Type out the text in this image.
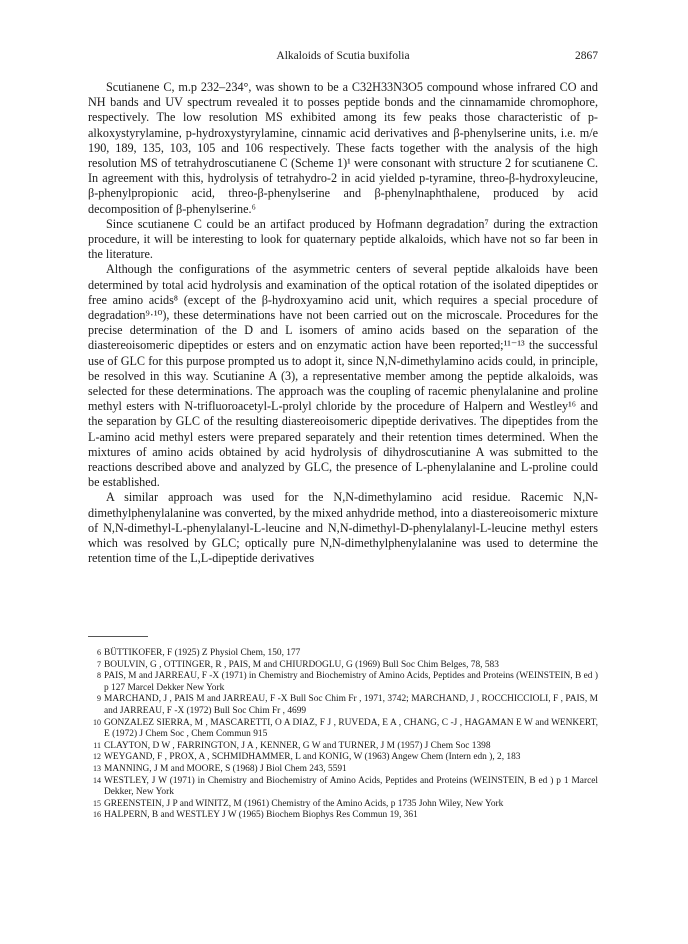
Alkaloids of Scutia buxifolia	2867

Scutianene C, m.p 232–234°, was shown to be a C32H33N3O5 compound whose infrared CO and NH bands and UV spectrum revealed it to posses peptide bonds and the cinnamamide chromophore, respectively. The low resolution MS exhibited among its few peaks those characteristic of p-alkoxystyrylamine, p-hydroxystyrylamine, cinnamic acid derivatives and β-phenylserine units, i.e. m/e 190, 189, 135, 103, 105 and 106 respectively. These facts together with the analysis of the high resolution MS of tetrahydroscutianene C (Scheme 1)¹ were consonant with structure 2 for scutianene C. In agreement with this, hydrolysis of tetrahydro-2 in acid yielded p-tyramine, threo-β-hydroxyleucine, β-phenylpropionic acid, threo-β-phenylserine and β-phenylnaphthalene, produced by acid decomposition of β-phenylserine.⁶

Since scutianene C could be an artifact produced by Hofmann degradation⁷ during the extraction procedure, it will be interesting to look for quaternary peptide alkaloids, which have not so far been in the literature.

Although the configurations of the asymmetric centers of several peptide alkaloids have been determined by total acid hydrolysis and examination of the optical rotation of the isolated dipeptides or free amino acids⁸ (except of the β-hydroxyamino acid unit, which requires a special procedure of degradation⁹·¹⁰), these determinations have not been carried out on the microscale. Procedures for the precise determination of the D and L isomers of amino acids based on the separation of the diastereoisomeric dipeptides or esters and on enzymatic action have been reported;¹¹⁻¹³ the successful use of GLC for this purpose prompted us to adopt it, since N,N-dimethylamino acids could, in principle, be resolved in this way. Scutianine A (3), a representative member among the peptide alkaloids, was selected for these determinations. The approach was the coupling of racemic phenylalanine and proline methyl esters with N-trifluoroacetyl-L-prolyl chloride by the procedure of Halpern and Westley¹⁶ and the separation by GLC of the resulting diastereoisomeric dipeptide derivatives. The dipeptides from the L-amino acid methyl esters were prepared separately and their retention times determined. When the mixtures of amino acids obtained by acid hydrolysis of dihydroscutianine A was submitted to the reactions described above and analyzed by GLC, the presence of L-phenylalanine and L-proline could be established.

A similar approach was used for the N,N-dimethylamino acid residue. Racemic N,N-dimethylphenylalanine was converted, by the mixed anhydride method, into a diastereoisomeric mixture of N,N-dimethyl-L-phenylalanyl-L-leucine and N,N-dimethyl-D-phenylalanyl-L-leucine methyl esters which was resolved by GLC; optically pure N,N-dimethylphenylalanine was used to determine the retention time of the L,L-dipeptide derivatives

6 BÜTTIKOFER, F (1925) Z Physiol Chem, 150, 177
7 BOULVIN, G , OTTINGER, R , PAIS, M and CHIURDOGLU, G (1969) Bull Soc Chim Belges, 78, 583
8 PAIS, M and JARREAU, F -X (1971) in Chemistry and Biochemistry of Amino Acids, Peptides and Proteins (WEINSTEIN, B ed ) p 127 Marcel Dekker New York
9 MARCHAND, J , PAIS M and JARREAU, F -X Bull Soc Chim Fr , 1971, 3742; MARCHAND, J , ROCCHICCIOLI, F , PAIS, M and JARREAU, F -X (1972) Bull Soc Chim Fr , 4699
10 GONZALEZ SIERRA, M , MASCARETTI, O A DIAZ, F J , RUVEDA, E A , CHANG, C -J , HAGAMAN E W and WENKERT, E (1972) J Chem Soc , Chem Commun 915
11 CLAYTON, D W , FARRINGTON, J A , KENNER, G W and TURNER, J M (1957) J Chem Soc 1398
12 WEYGAND, F , PROX, A , SCHMIDHAMMER, L and KONIG, W (1963) Angew Chem (Intern edn ), 2, 183
13 MANNING, J M and MOORE, S (1968) J Biol Chem 243, 5591
14 WESTLEY, J W (1971) in Chemistry and Biochemistry of Amino Acids, Peptides and Proteins (WEINSTEIN, B ed ) p 1 Marcel Dekker, New York
15 GREENSTEIN, J P and WINITZ, M (1961) Chemistry of the Amino Acids, p 1735 John Wiley, New York
16 HALPERN, B and WESTLEY J W (1965) Biochem Biophys Res Commun 19, 361
